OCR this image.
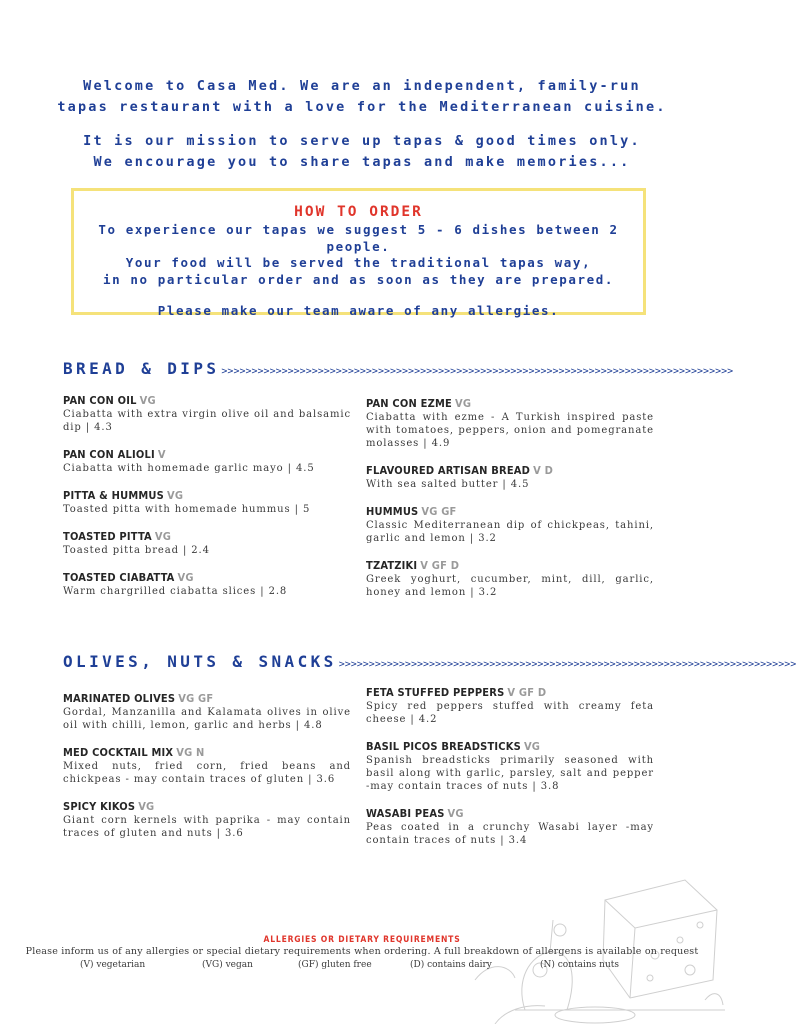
Welcome to Casa Med. We are an independent, family-run
tapas restaurant with a love for the Mediterranean cuisine.
It is our mission to serve up tapas & good times only.
We encourage you to share tapas and make memories...
HOW TO ORDER
To experience our tapas we suggest 5 - 6 dishes between 2 people.
Your food will be served the traditional tapas way,
in no particular order and as soon as they are prepared.
Please make our team aware of any allergies.
BREAD & DIPS >>>>>>>>>>>>>>>>>>>>>>>>>>>>>>>>>>>>>>>>>>>>>>>>>>>>>>>>>>>>>>>>>>>>>>>>>>>>>>>>>>>>>
PAN CON OIL VG
Ciabatta with extra virgin olive oil and balsamic dip | 4.3
PAN CON ALIOLI V
Ciabatta with homemade garlic mayo | 4.5
PITTA & HUMMUS VG
Toasted pitta with homemade hummus | 5
TOASTED PITTA VG
Toasted pitta bread | 2.4
TOASTED CIABATTA VG
Warm chargrilled ciabatta slices | 2.8
PAN CON EZME VG
Ciabatta with ezme - A Turkish inspired paste with tomatoes, peppers, onion and pomegranate molasses | 4.9
FLAVOURED ARTISAN BREAD V D
With sea salted butter | 4.5
HUMMUS VG GF
Classic Mediterranean dip of chickpeas, tahini, garlic and lemon | 3.2
TZATZIKI V GF D
Greek yoghurt, cucumber, mint, dill, garlic, honey and lemon | 3.2
OLIVES, NUTS & SNACKS >>>>>>>>>>>>>>>>>>>>>>>>>>>>>>>>>>>>>>>>>>>>>>>>>>>>>>>>>>>>>>>>>>>>>>>>>>>>
MARINATED OLIVES VG GF
Gordal, Manzanilla and Kalamata olives in olive oil with chilli, lemon, garlic and herbs | 4.8
MED COCKTAIL MIX VG N
Mixed nuts, fried corn, fried beans and chickpeas - may contain traces of gluten | 3.6
SPICY KIKOS VG
Giant corn kernels with paprika - may contain traces of gluten and nuts | 3.6
FETA STUFFED PEPPERS V GF D
Spicy red peppers stuffed with creamy feta cheese | 4.2
BASIL PICOS BREADSTICKS VG
Spanish breadsticks primarily seasoned with basil along with garlic, parsley, salt and pepper -may contain traces of nuts | 3.8
WASABI PEAS VG
Peas coated in a crunchy Wasabi layer -may contain traces of nuts | 3.4
ALLERGIES OR DIETARY REQUIREMENTS
Please inform us of any allergies or special dietary requirements when ordering. A full breakdown of allergens is available on request
(V) vegetarian	(VG) vegan	(GF) gluten free	(D) contains dairy	(N) contains nuts
